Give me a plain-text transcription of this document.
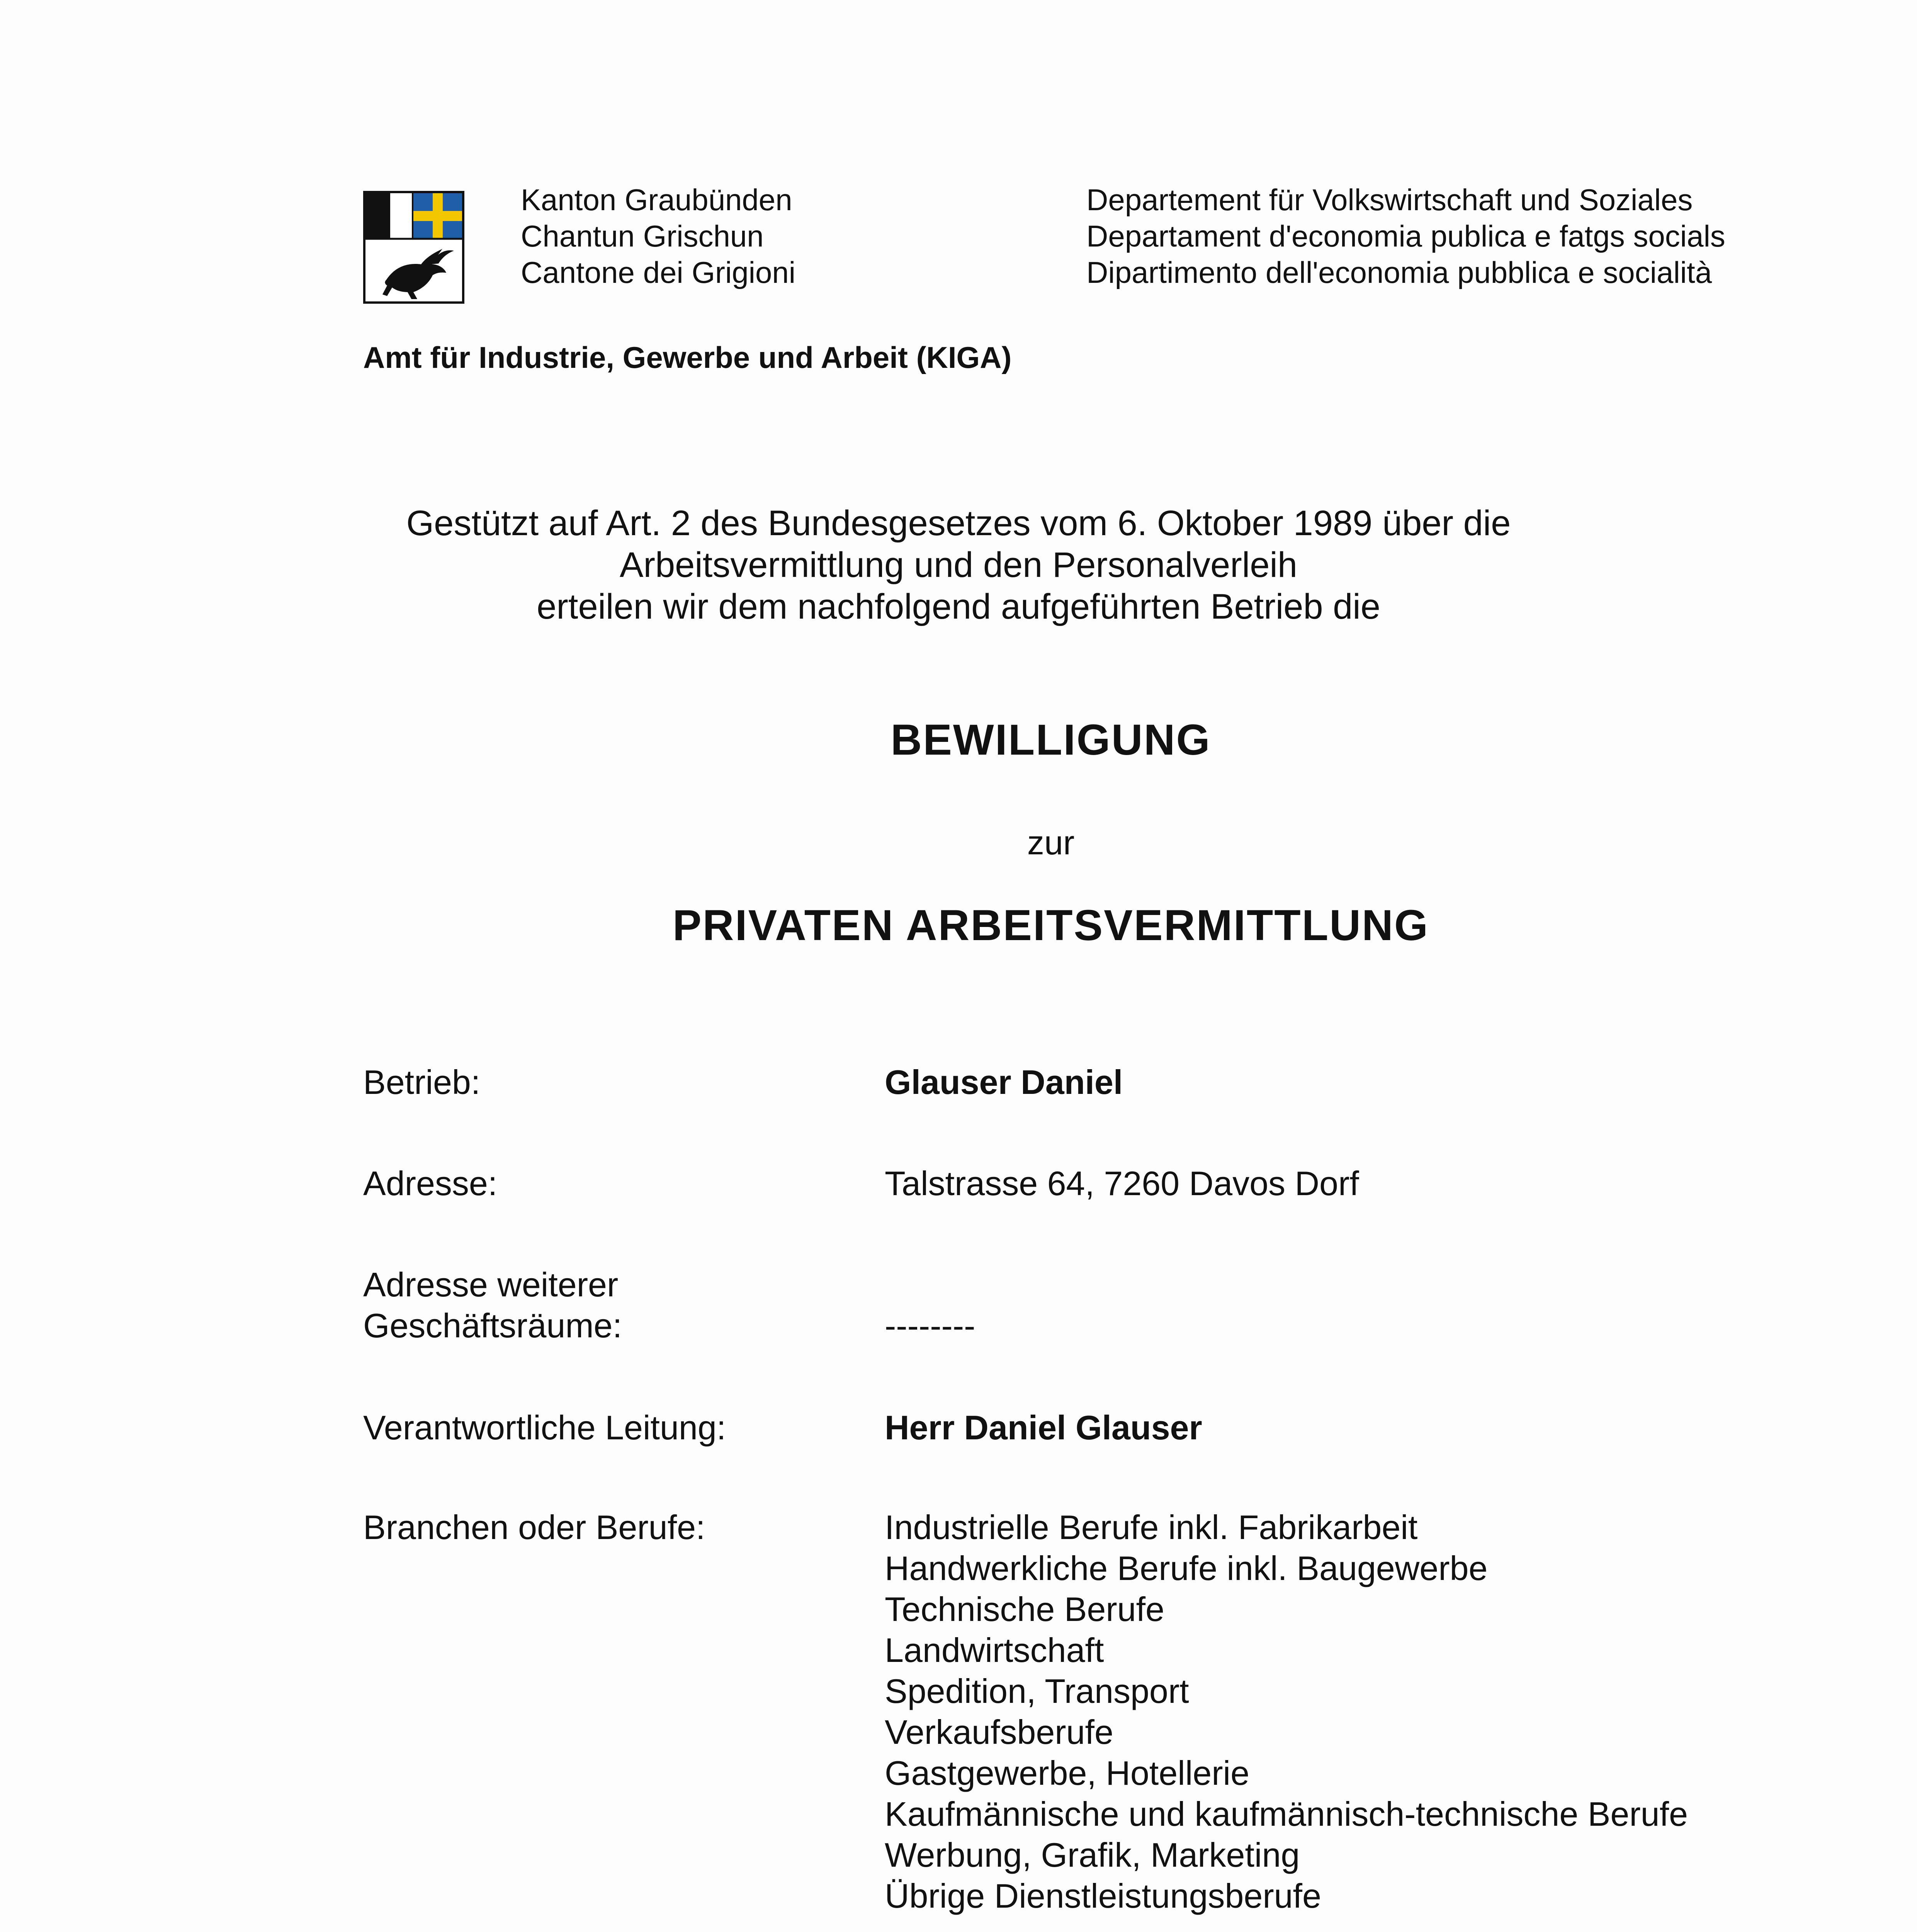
Kanton Graubünden
Chantun Grischun
Cantone dei Grigioni
Departement für Volkswirtschaft und Soziales
Departament d'economia publica e fatgs socials
Dipartimento dell'economia pubblica e socialità
Amt für Industrie, Gewerbe und Arbeit (KIGA)
Gestützt auf Art. 2 des Bundesgesetzes vom 6. Oktober 1989 über die
Arbeitsvermittlung und den Personalverleih
erteilen wir dem nachfolgend aufgeführten Betrieb die
BEWILLIGUNG
zur
PRIVATEN ARBEITSVERMITTLUNG
Betrieb:	Glauser Daniel
Adresse:	Talstrasse 64, 7260 Davos Dorf
Adresse weiterer
Geschäftsräume:	--------
Verantwortliche Leitung:	Herr Daniel Glauser
Branchen oder Berufe:	Industrielle Berufe inkl. Fabrikarbeit
Handwerkliche Berufe inkl. Baugewerbe
Technische Berufe
Landwirtschaft
Spedition, Transport
Verkaufsberufe
Gastgewerbe, Hotellerie
Kaufmännische und kaufmännisch-technische Berufe
Werbung, Grafik, Marketing
Übrige Dienstleistungsberufe
